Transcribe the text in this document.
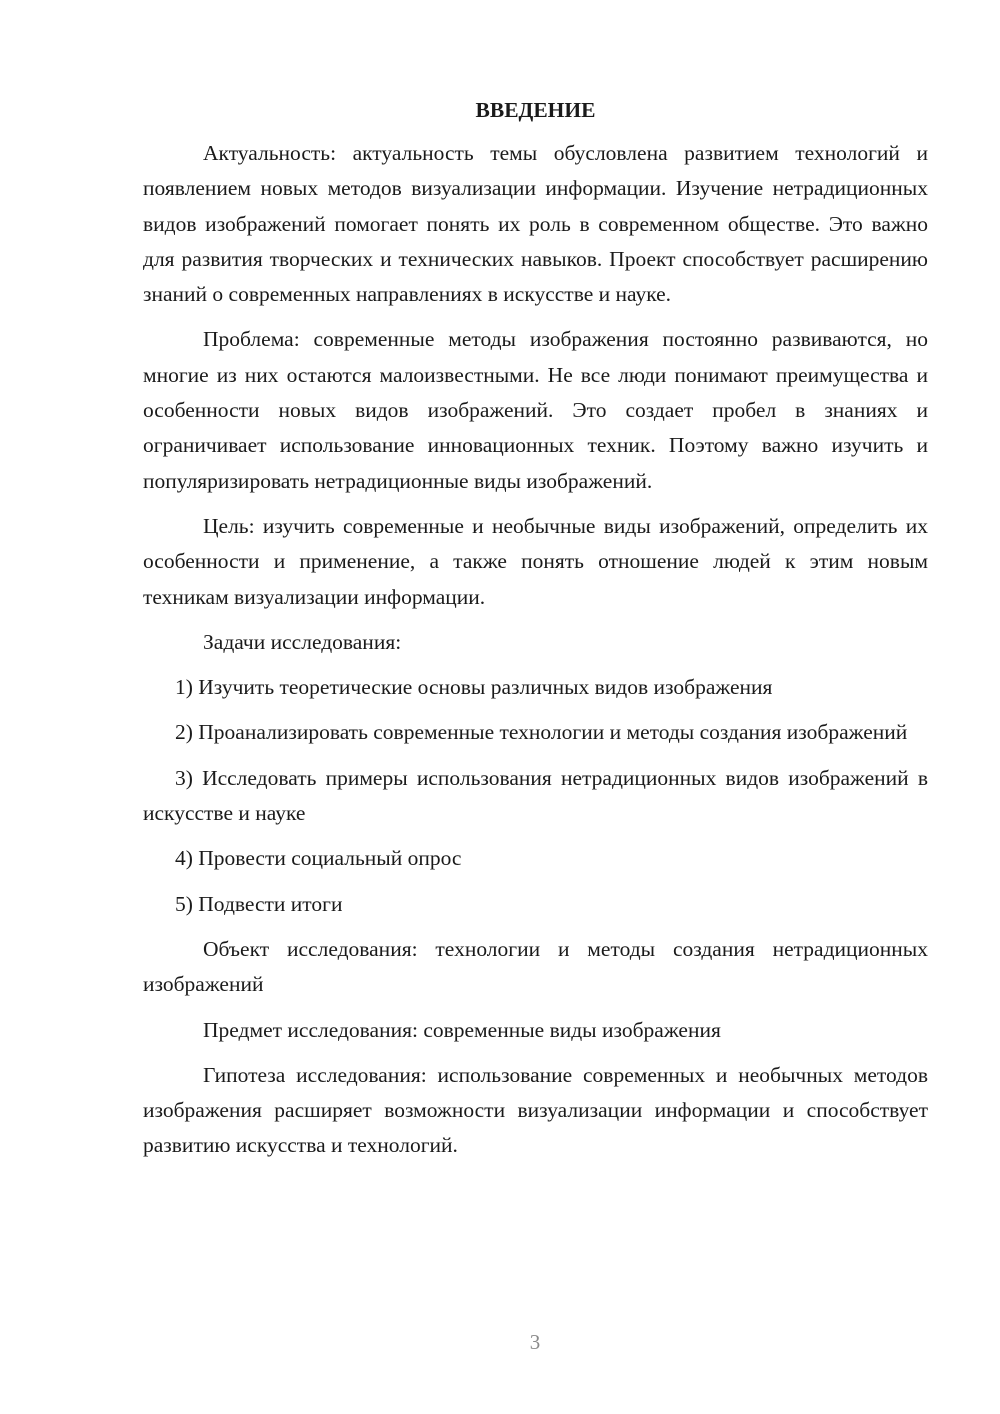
ВВЕДЕНИЕ

Актуальность: актуальность темы обусловлена развитием технологий и появлением новых методов визуализации информации. Изучение нетрадиционных видов изображений помогает понять их роль в современном обществе. Это важно для развития творческих и технических навыков. Проект способствует расширению знаний о современных направлениях в искусстве и науке.

Проблема: современные методы изображения постоянно развиваются, но многие из них остаются малоизвестными. Не все люди понимают преимущества и особенности новых видов изображений. Это создает пробел в знаниях и ограничивает использование инновационных техник. Поэтому важно изучить и популяризировать нетрадиционные виды изображений.

Цель: изучить современные и необычные виды изображений, определить их особенности и применение, а также понять отношение людей к этим новым техникам визуализации информации.

Задачи исследования:

1) Изучить теоретические основы различных видов изображения

2) Проанализировать современные технологии и методы создания изображений

3) Исследовать примеры использования нетрадиционных видов изображений в искусстве и науке

4) Провести социальный опрос

5) Подвести итоги

Объект исследования: технологии и методы создания нетрадиционных изображений

Предмет исследования: современные виды изображения

Гипотеза исследования: использование современных и необычных методов изображения расширяет возможности визуализации информации и способствует развитию искусства и технологий.

3
